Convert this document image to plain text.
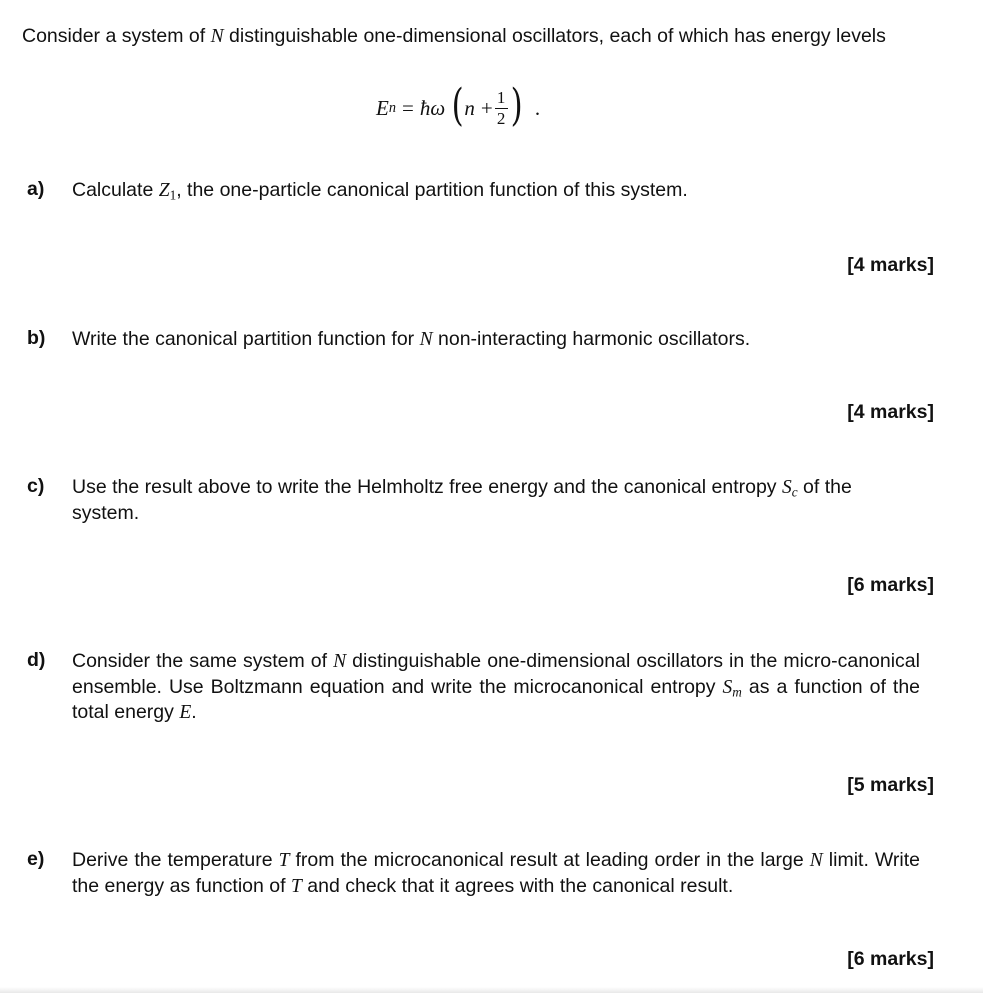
Consider a system of N distinguishable one-dimensional oscillators, each of which has energy levels
E n = ħ ω ( $n + \frac{1}{2}$ ) .
a) Calculate $Z_1$, the one-particle canonical partition function of this system.
[4 marks]
b) Write the canonical partition function for N non-interacting harmonic oscillators.
[4 marks]
c) Use the result above to write the Helmholtz free energy and the canonical entropy $S_c$ of the system.
[6 marks]
d) Consider the same system of N distinguishable one-dimensional oscillators in the micro-canonical ensemble. Use Boltzmann equation and write the microcanonical entropy $S_m$ as a function of the total energy E.
[5 marks]
e) Derive the temperature T from the microcanonical result at leading order in the large N limit. Write the energy as function of T and check that it agrees with the canonical result.
[6 marks]
